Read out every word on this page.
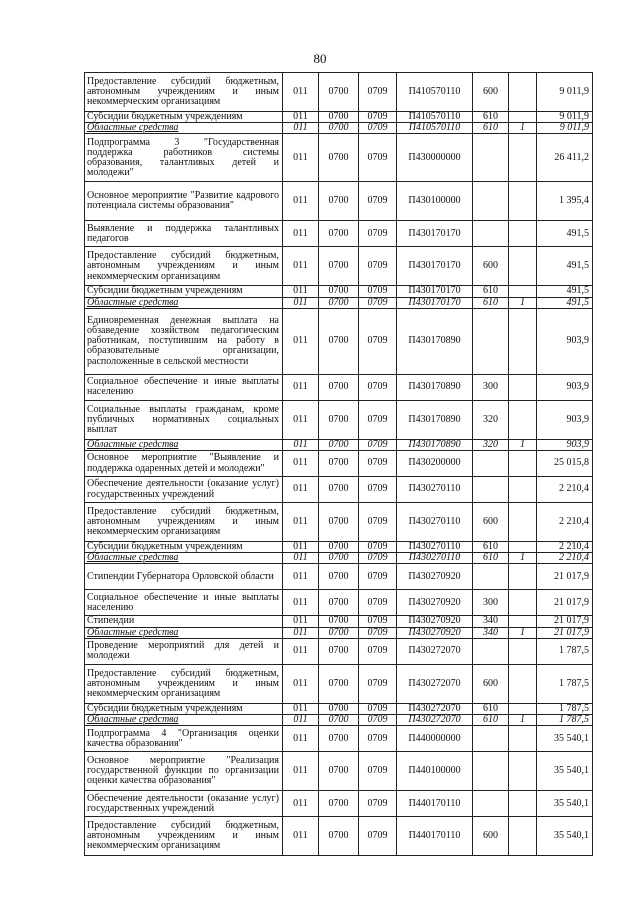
80
Предоставление субсидий бюджетным, автономным учреждениям и иным некоммерческим организациям	011	0700	0709	П410570110	600		9 011,9
Субсидии бюджетным учреждениям	011	0700	0709	П410570110	610		9 011,9
Областные средства	011	0700	0709	П410570110	610	1	9 011,9
Подпрограмма 3 "Государственная поддержка работников системы образования, талантливых детей и молодежи"	011	0700	0709	П430000000			26 411,2
Основное мероприятие "Развитие кадрового потенциала системы образования"	011	0700	0709	П430100000			1 395,4
Выявление и поддержка талантливых педагогов	011	0700	0709	П430170170			491,5
Предоставление субсидий бюджетным, автономным учреждениям и иным некоммерческим организациям	011	0700	0709	П430170170	600		491,5
Субсидии бюджетным учреждениям	011	0700	0709	П430170170	610		491,5
Областные средства	011	0700	0709	П430170170	610	1	491,5
Единовременная денежная выплата на обзаведение хозяйством педагогическим работникам, поступившим на работу в образовательные организации, расположенные в сельской местности	011	0700	0709	П430170890			903,9
Социальное обеспечение и иные выплаты населению	011	0700	0709	П430170890	300		903,9
Социальные выплаты гражданам, кроме публичных нормативных социальных выплат	011	0700	0709	П430170890	320		903,9
Областные средства	011	0700	0709	П430170890	320	1	903,9
Основное мероприятие "Выявление и поддержка одаренных детей и молодежи"	011	0700	0709	П430200000			25 015,8
Обеспечение деятельности (оказание услуг) государственных учреждений	011	0700	0709	П430270110			2 210,4
Предоставление субсидий бюджетным, автономным учреждениям и иным некоммерческим организациям	011	0700	0709	П430270110	600		2 210,4
Субсидии бюджетным учреждениям	011	0700	0709	П430270110	610		2 210,4
Областные средства	011	0700	0709	П430270110	610	1	2 210,4
Стипендии Губернатора Орловской области	011	0700	0709	П430270920			21 017,9
Социальное обеспечение и иные выплаты населению	011	0700	0709	П430270920	300		21 017,9
Стипендии	011	0700	0709	П430270920	340		21 017,9
Областные средства	011	0700	0709	П430270920	340	1	21 017,9
Проведение мероприятий для детей и молодежи	011	0700	0709	П430272070			1 787,5
Предоставление субсидий бюджетным, автономным учреждениям и иным некоммерческим организациям	011	0700	0709	П430272070	600		1 787,5
Субсидии бюджетным учреждениям	011	0700	0709	П430272070	610		1 787,5
Областные средства	011	0700	0709	П430272070	610	1	1 787,5
Подпрограмма 4 "Организация оценки качества образования"	011	0700	0709	П440000000			35 540,1
Основное мероприятие "Реализация государственной функции по организации оценки качества образования"	011	0700	0709	П440100000			35 540,1
Обеспечение деятельности (оказание услуг) государственных учреждений	011	0700	0709	П440170110			35 540,1
Предоставление субсидий бюджетным, автономным учреждениям и иным некоммерческим организациям	011	0700	0709	П440170110	600		35 540,1
